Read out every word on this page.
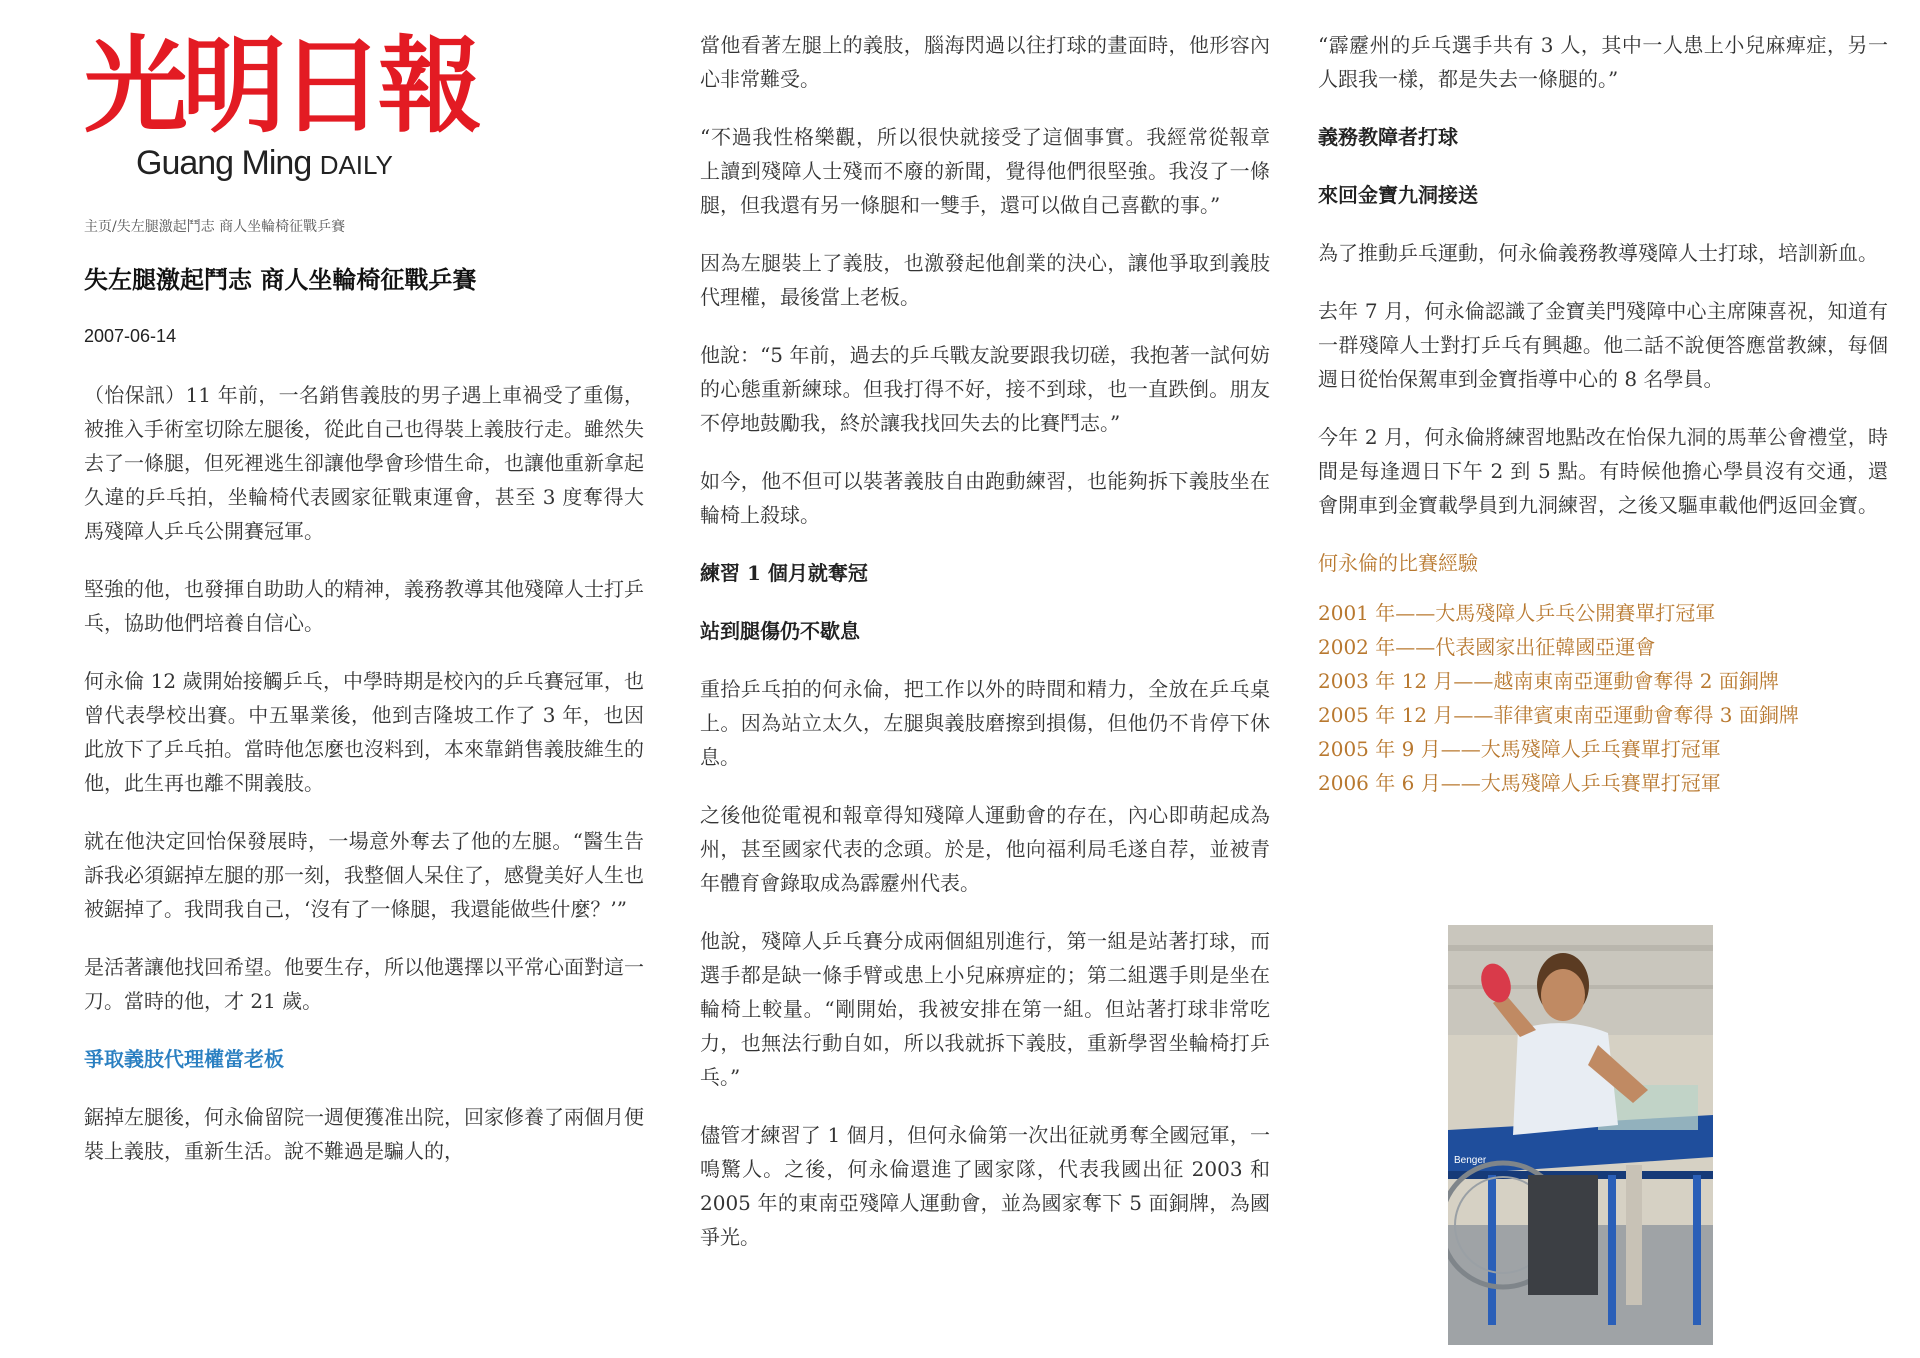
光明日報
Guang Ming DAILY
主页/失左腿激起鬥志 商人坐輪椅征戰乒賽
失左腿激起鬥志 商人坐輪椅征戰乒賽
2007-06-14

（怡保訊）11 年前，一名銷售義肢的男子遇上車禍受了重傷，被推入手術室切除左腿後，從此自己也得裝上義肢行走。雖然失去了一條腿，但死裡逃生卻讓他學會珍惜生命，也讓他重新拿起久違的乒乓拍，坐輪椅代表國家征戰東運會，甚至 3 度奪得大馬殘障人乒乓公開賽冠軍。

堅強的他，也發揮自助助人的精神，義務教導其他殘障人士打乒乓，協助他們培養自信心。

何永倫 12 歲開始接觸乒乓，中學時期是校內的乒乓賽冠軍，也曾代表學校出賽。中五畢業後，他到吉隆坡工作了 3 年，也因此放下了乒乓拍。當時他怎麼也沒料到，本來靠銷售義肢維生的他，此生再也離不開義肢。

就在他決定回怡保發展時，一場意外奪去了他的左腿。“醫生告訴我必須鋸掉左腿的那一刻，我整個人呆住了，感覺美好人生也被鋸掉了。我問我自己，‘沒有了一條腿，我還能做些什麼？’”

是活著讓他找回希望。他要生存，所以他選擇以平常心面對這一刀。當時的他，才 21 歲。

爭取義肢代理權當老板

鋸掉左腿後，何永倫留院一週便獲准出院，回家修養了兩個月便裝上義肢，重新生活。說不難過是騙人的，

當他看著左腿上的義肢，腦海閃過以往打球的畫面時，他形容內心非常難受。

“不過我性格樂觀，所以很快就接受了這個事實。我經常從報章上讀到殘障人士殘而不廢的新聞，覺得他們很堅強。我沒了一條腿，但我還有另一條腿和一雙手，還可以做自己喜歡的事。”

因為左腿裝上了義肢，也激發起他創業的決心，讓他爭取到義肢代理權，最後當上老板。

他說：“5 年前，過去的乒乓戰友說要跟我切磋，我抱著一試何妨的心態重新練球。但我打得不好，接不到球，也一直跌倒。朋友不停地鼓勵我，終於讓我找回失去的比賽鬥志。”

如今，他不但可以裝著義肢自由跑動練習，也能夠拆下義肢坐在輪椅上殺球。

練習 1 個月就奪冠
站到腿傷仍不歇息

重拾乒乓拍的何永倫，把工作以外的時間和精力，全放在乒乓桌上。因為站立太久，左腿與義肢磨擦到損傷，但他仍不肯停下休息。

之後他從電視和報章得知殘障人運動會的存在，內心即萌起成為州，甚至國家代表的念頭。於是，他向福利局毛遂自荐，並被青年體育會錄取成為霹靂州代表。

他說，殘障人乒乓賽分成兩個組別進行，第一組是站著打球，而選手都是缺一條手臂或患上小兒麻痹症的；第二組選手則是坐在輪椅上較量。“剛開始，我被安排在第一組。但站著打球非常吃力，也無法行動自如，所以我就拆下義肢，重新學習坐輪椅打乒乓。”

儘管才練習了 1 個月，但何永倫第一次出征就勇奪全國冠軍，一鳴驚人。之後，何永倫還進了國家隊，代表我國出征 2003 和 2005 年的東南亞殘障人運動會，並為國家奪下 5 面銅牌，為國爭光。

“霹靂州的乒乓選手共有 3 人，其中一人患上小兒麻痺症，另一人跟我一樣，都是失去一條腿的。”

義務教障者打球
來回金寶九洞接送

為了推動乒乓運動，何永倫義務教導殘障人士打球，培訓新血。

去年 7 月，何永倫認識了金寶美門殘障中心主席陳喜祝，知道有一群殘障人士對打乒乓有興趣。他二話不說便答應當教練，每個週日從怡保駕車到金寶指導中心的 8 名學員。

今年 2 月，何永倫將練習地點改在怡保九洞的馬華公會禮堂，時間是每逢週日下午 2 到 5 點。有時候他擔心學員沒有交通，還會開車到金寶載學員到九洞練習，之後又驅車載他們返回金寶。

何永倫的比賽經驗
2001 年——大馬殘障人乒乓公開賽單打冠軍
2002 年——代表國家出征韓國亞運會
2003 年 12 月——越南東南亞運動會奪得 2 面銅牌
2005 年 12 月——菲律賓東南亞運動會奪得 3 面銅牌
2005 年 9 月——大馬殘障人乒乓賽單打冠軍
2006 年 6 月——大馬殘障人乒乓賽單打冠軍
Benger
